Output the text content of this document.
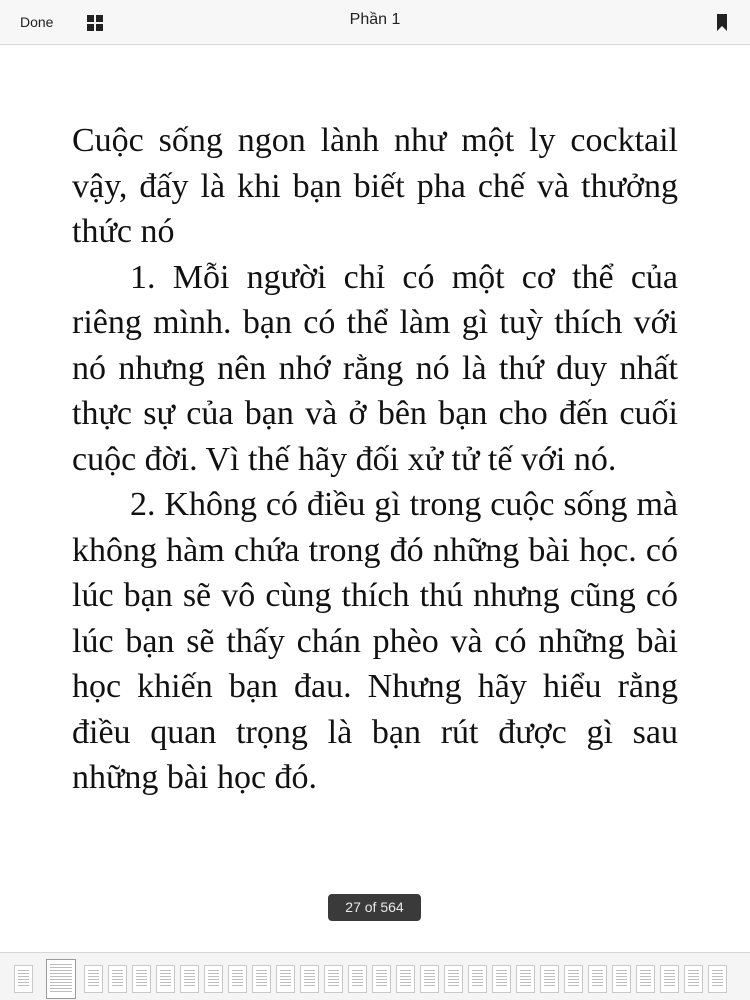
Done	Phần 1

Cuộc sống ngon lành như một ly cocktail vậy, đấy là khi bạn biết pha chế và thưởng thức nó

1. Mỗi người chỉ có một cơ thể của riêng mình. bạn có thể làm gì tuỳ thích với nó nhưng nên nhớ rằng nó là thứ duy nhất thực sự của bạn và ở bên bạn cho đến cuối cuộc đời. Vì thế hãy đối xử tử tế với nó.

2. Không có điều gì trong cuộc sống mà không hàm chứa trong đó những bài học. có lúc bạn sẽ vô cùng thích thú nhưng cũng có lúc bạn sẽ thấy chán phèo và có những bài học khiến bạn đau. Nhưng hãy hiểu rằng điều quan trọng là bạn rút được gì sau những bài học đó.

27 of 564
